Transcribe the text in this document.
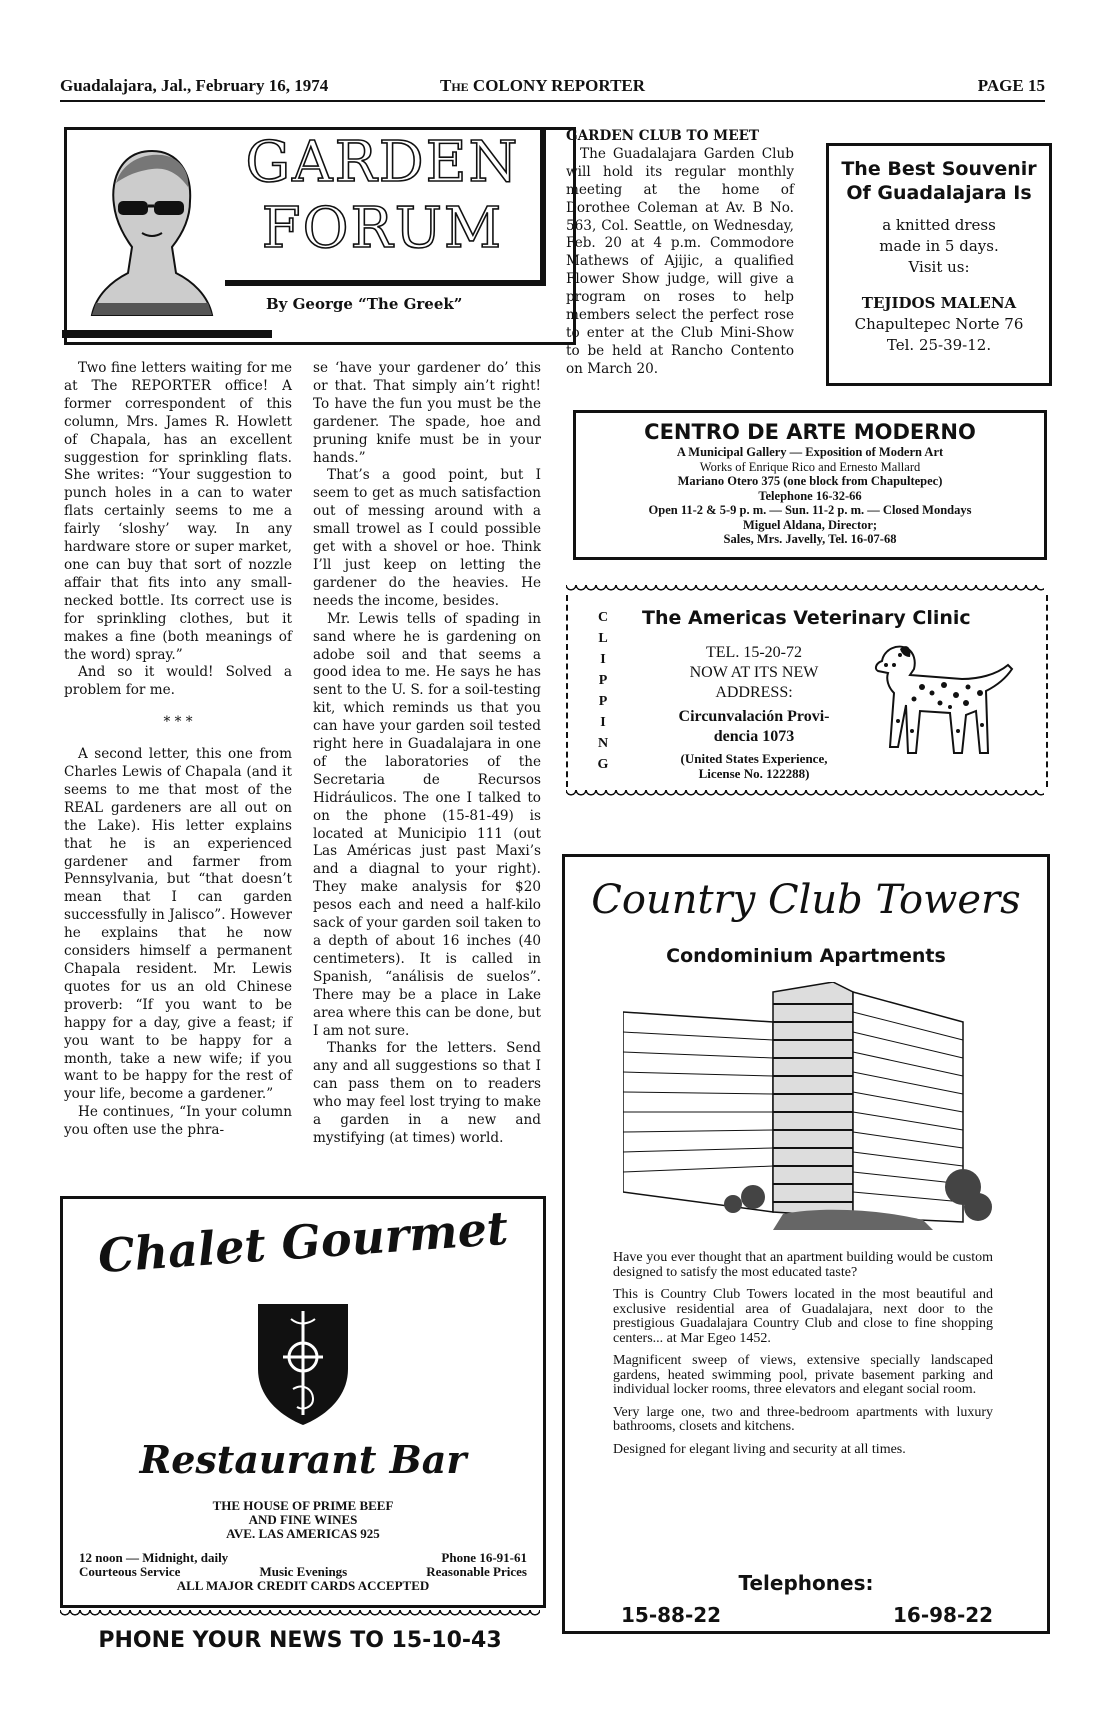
Guadalajara, Jal., February 16, 1974	The COLONY REPORTER	PAGE 15
GARDEN
FORUM
By George “The Greek”

Two fine letters waiting for me at The REPORTER office! A former correspondent of this column, Mrs. James R. Howlett of Chapala, has an excellent suggestion for sprinkling flats. She writes: “Your suggestion to punch holes in a can to water flats certainly seems to me a fairly ‘sloshy’ way. In any hardware store or super market, one can buy that sort of nozzle affair that fits into any small-necked bottle. Its correct use is for sprinkling clothes, but it makes a fine (both meanings of the word) spray.”

And so it would! Solved a problem for me.

* * *

A second letter, this one from Charles Lewis of Chapala (and it seems to me that most of the REAL gardeners are all out on the Lake). His letter explains that he is an experienced gardener and farmer from Pennsylvania, but “that doesn’t mean that I can garden successfully in Jalisco”. However he explains that he now considers himself a permanent Chapala resident. Mr. Lewis quotes for us an old Chinese proverb: “If you want to be happy for a day, give a feast; if you want to be happy for a month, take a new wife; if you want to be happy for the rest of your life, become a gardener.”

He continues, “In your column you often use the phra-

se ‘have your gardener do’ this or that. That simply ain’t right! To have the fun you must be the gardener. The spade, hoe and pruning knife must be in your hands.”

That’s a good point, but I seem to get as much satisfaction out of messing around with a small trowel as I could possible get with a shovel or hoe. Think I’ll just keep on letting the gardener do the heavies. He needs the income, besides.

Mr. Lewis tells of spading in sand where he is gardening on adobe soil and that seems a good idea to me. He says he has sent to the U. S. for a soil-testing kit, which reminds us that you can have your garden soil tested right here in Guadalajara in one of the laboratories of the Secretaria de Recursos Hidráulicos. The one I talked to on the phone (15-81-49) is located at Municipio 111 (out Las Américas just past Maxi’s and a diagnal to your right). They make analysis for $20 pesos each and need a half-kilo sack of your garden soil taken to a depth of about 16 inches (40 centimeters). It is called in Spanish, “análisis de suelos”. There may be a place in Lake area where this can be done, but I am not sure.

Thanks for the letters. Send any and all suggestions so that I can pass them on to readers who may feel lost trying to make a garden in a new and mystifying (at times) world.

GARDEN CLUB TO MEET

The Guadalajara Garden Club will hold its regular monthly meeting at the home of Dorothee Coleman at Av. B No. 563, Col. Seattle, on Wednesday, Feb. 20 at 4 p.m. Commodore Mathews of Ajijic, a qualified Flower Show judge, will give a program on roses to help members select the perfect rose to enter at the Club Mini-Show to be held at Rancho Contento on March 20.

The Best Souvenir
Of Guadalajara Is
a knitted dress
made in 5 days.
Visit us:
TEJIDOS MALENA
Chapultepec Norte 76
Tel. 25-39-12.
CENTRO DE ARTE MODERNO
A Municipal Gallery — Exposition of Modern Art
Works of Enrique Rico and Ernesto Mallard
Mariano Otero 375 (one block from Chapultepec)
Telephone 16-32-66
Open 11-2 & 5-9 p. m. — Sun. 11-2 p. m. — Closed Mondays
Miguel Aldana, Director;
Sales, Mrs. Javelly, Tel. 16-07-68
C
L
I
P
P
I
N
G
The Americas Veterinary Clinic
TEL. 15-20-72
NOW AT ITS NEW
ADDRESS:
Circunvalación Provi-
dencia 1073
(United States Experience,
License No. 122288)
Country Club Towers
Condominium Apartments

Have you ever thought that an apartment building would be custom designed to satisfy the most educated taste?

This is Country Club Towers located in the most beautiful and exclusive residential area of Guadalajara, next door to the prestigious Guadalajara Country Club and close to fine shopping centers... at Mar Egeo 1452.

Magnificent sweep of views, extensive specially landscaped gardens, heated swimming pool, private basement parking and individual locker rooms, three elevators and elegant social room.

Very large one, two and three-bedroom apartments with luxury bathrooms, closets and kitchens.

Designed for elegant living and security at all times.

Telephones:
15-88-22	16-98-22
Chalet Gourmet
Restaurant Bar
THE HOUSE OF PRIME BEEF
AND FINE WINES
AVE. LAS AMERICAS 925
12 noon — Midnight, daily	Phone 16-91-61
Courteous Service	Music Evenings	Reasonable Prices
ALL MAJOR CREDIT CARDS ACCEPTED
PHONE YOUR NEWS TO 15-10-43
